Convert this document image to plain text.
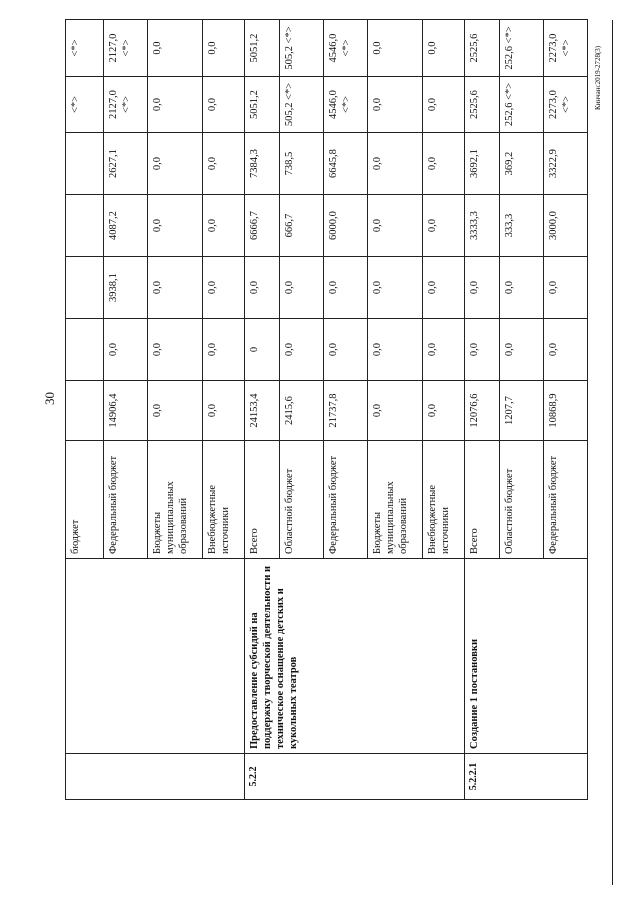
30
Кинчанс2019-2728(3)
		бюджет						<*>	<*>
		Федеральный бюджет	14906,4	0,0	3938,1	4087,2	2627,1	2127,0 <*>	2127,0 <*>
		Бюджеты муниципальных образований	0,0	0,0	0,0	0,0	0,0	0,0	0,0
		Внебюджетные источники	0,0	0,0	0,0	0,0	0,0	0,0	0,0
5.2.2	Предоставление субсидий на поддержку творческой деятельности и техническое оснащение детских и кукольных театров	Всего	24153,4	0	0,0	6666,7	7384,3	5051,2	5051,2
		Областной бюджет	2415,6	0,0	0,0	666,7	738,5	505,2 <*>	505,2 <*>
		Федеральный бюджет	21737,8	0,0	0,0	6000,0	6645,8	4546,0 <*>	4546,0 <*>
		Бюджеты муниципальных образований	0,0	0,0	0,0	0,0	0,0	0,0	0,0
		Внебюджетные источники	0,0	0,0	0,0	0,0	0,0	0,0	0,0
5.2.2.1	Создание 1 постановки	Всего	12076,6	0,0	0,0	3333,3	3692,1	2525,6	2525,6
		Областной бюджет	1207,7	0,0	0,0	333,3	369,2	252,6 <*>	252,6 <*>
		Федеральный бюджет	10868,9	0,0	0,0	3000,0	3322,9	2273,0 <*>	2273,0 <*>
